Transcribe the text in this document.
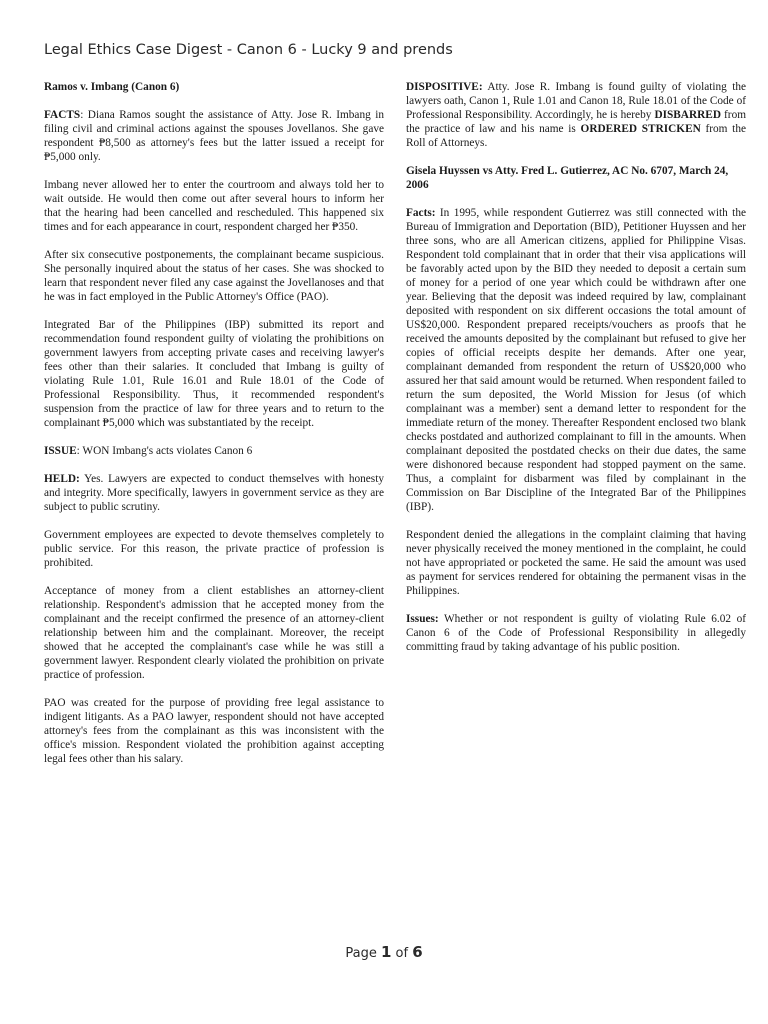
Legal Ethics Case Digest - Canon 6 - Lucky 9 and prends

Ramos v. Imbang (Canon 6)

FACTS: Diana Ramos sought the assistance of Atty. Jose R. Imbang in filing civil and criminal actions against the spouses Jovellanos. She gave respondent ₱8,500 as attorney's fees but the latter issued a receipt for ₱5,000 only.

Imbang never allowed her to enter the courtroom and always told her to wait outside. He would then come out after several hours to inform her that the hearing had been cancelled and rescheduled. This happened six times and for each appearance in court, respondent charged her ₱350.

After six consecutive postponements, the complainant became suspicious. She personally inquired about the status of her cases. She was shocked to learn that respondent never filed any case against the Jovellanoses and that he was in fact employed in the Public Attorney's Office (PAO).

Integrated Bar of the Philippines (IBP) submitted its report and recommendation found respondent guilty of violating the prohibitions on government lawyers from accepting private cases and receiving lawyer's fees other than their salaries. It concluded that Imbang is guilty of violating Rule 1.01, Rule 16.01 and Rule 18.01 of the Code of Professional Responsibility. Thus, it recommended respondent's suspension from the practice of law for three years and to return to the complainant ₱5,000 which was substantiated by the receipt.

ISSUE: WON Imbang's acts violates Canon 6

HELD: Yes. Lawyers are expected to conduct themselves with honesty and integrity. More specifically, lawyers in government service as they are subject to public scrutiny.

Government employees are expected to devote themselves completely to public service. For this reason, the private practice of profession is prohibited.

Acceptance of money from a client establishes an attorney-client relationship. Respondent's admission that he accepted money from the complainant and the receipt confirmed the presence of an attorney-client relationship between him and the complainant. Moreover, the receipt showed that he accepted the complainant's case while he was still a government lawyer. Respondent clearly violated the prohibition on private practice of profession.

PAO was created for the purpose of providing free legal assistance to indigent litigants. As a PAO lawyer, respondent should not have accepted attorney's fees from the complainant as this was inconsistent with the office's mission. Respondent violated the prohibition against accepting legal fees other than his salary.

DISPOSITIVE: Atty. Jose R. Imbang is found guilty of violating the lawyers oath, Canon 1, Rule 1.01 and Canon 18, Rule 18.01 of the Code of Professional Responsibility. Accordingly, he is hereby DISBARRED from the practice of law and his name is ORDERED STRICKEN from the Roll of Attorneys.

Gisela Huyssen vs Atty. Fred L. Gutierrez, AC No. 6707, March 24, 2006

Facts: In 1995, while respondent Gutierrez was still connected with the Bureau of Immigration and Deportation (BID), Petitioner Huyssen and her three sons, who are all American citizens, applied for Philippine Visas. Respondent told complainant that in order that their visa applications will be favorably acted upon by the BID they needed to deposit a certain sum of money for a period of one year which could be withdrawn after one year. Believing that the deposit was indeed required by law, complainant deposited with respondent on six different occasions the total amount of US$20,000. Respondent prepared receipts/vouchers as proofs that he received the amounts deposited by the complainant but refused to give her copies of official receipts despite her demands. After one year, complainant demanded from respondent the return of US$20,000 who assured her that said amount would be returned. When respondent failed to return the sum deposited, the World Mission for Jesus (of which complainant was a member) sent a demand letter to respondent for the immediate return of the money. Thereafter Respondent enclosed two blank checks postdated and authorized complainant to fill in the amounts. When complainant deposited the postdated checks on their due dates, the same were dishonored because respondent had stopped payment on the same. Thus, a complaint for disbarment was filed by complainant in the Commission on Bar Discipline of the Integrated Bar of the Philippines (IBP).

Respondent denied the allegations in the complaint claiming that having never physically received the money mentioned in the complaint, he could not have appropriated or pocketed the same. He said the amount was used as payment for services rendered for obtaining the permanent visas in the Philippines.

Issues: Whether or not respondent is guilty of violating Rule 6.02 of Canon 6 of the Code of Professional Responsibility in allegedly committing fraud by taking advantage of his public position.

Page 1 of 6
